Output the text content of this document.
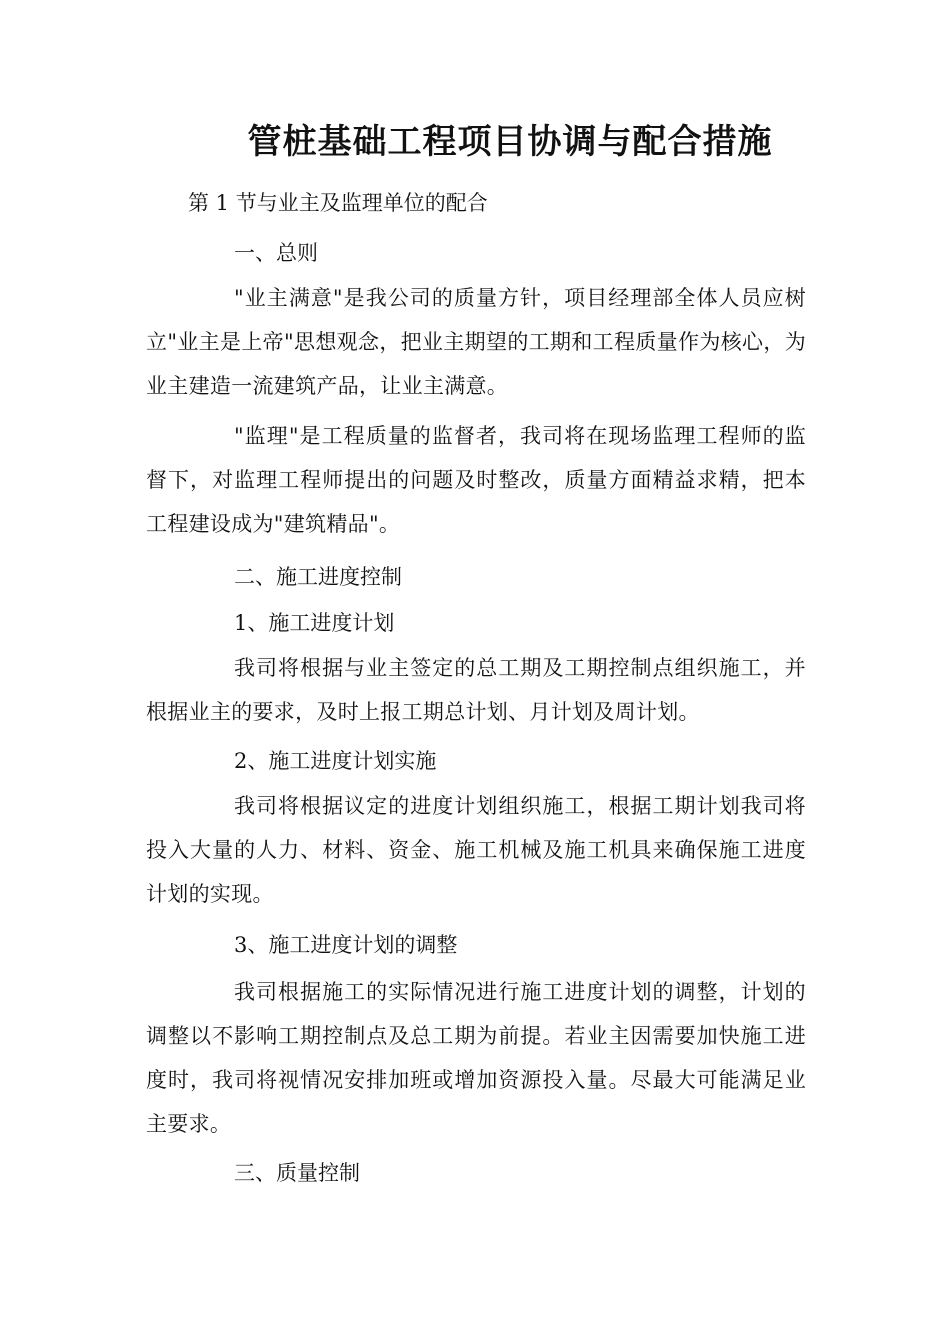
管桩基础工程项目协调与配合措施
第 1 节与业主及监理单位的配合
一、总则
"业主满意"是我公司的质量方针，项目经理部全体人员应树立"业主是上帝"思想观念，把业主期望的工期和工程质量作为核心，为业主建造一流建筑产品，让业主满意。
"监理"是工程质量的监督者，我司将在现场监理工程师的监督下，对监理工程师提出的问题及时整改，质量方面精益求精，把本工程建设成为"建筑精品"。
二、施工进度控制
1、施工进度计划
我司将根据与业主签定的总工期及工期控制点组织施工，并根据业主的要求，及时上报工期总计划、月计划及周计划。
2、施工进度计划实施
我司将根据议定的进度计划组织施工，根据工期计划我司将投入大量的人力、材料、资金、施工机械及施工机具来确保施工进度计划的实现。
3、施工进度计划的调整
我司根据施工的实际情况进行施工进度计划的调整，计划的调整以不影响工期控制点及总工期为前提。若业主因需要加快施工进度时，我司将视情况安排加班或增加资源投入量。尽最大可能满足业主要求。
三、质量控制
